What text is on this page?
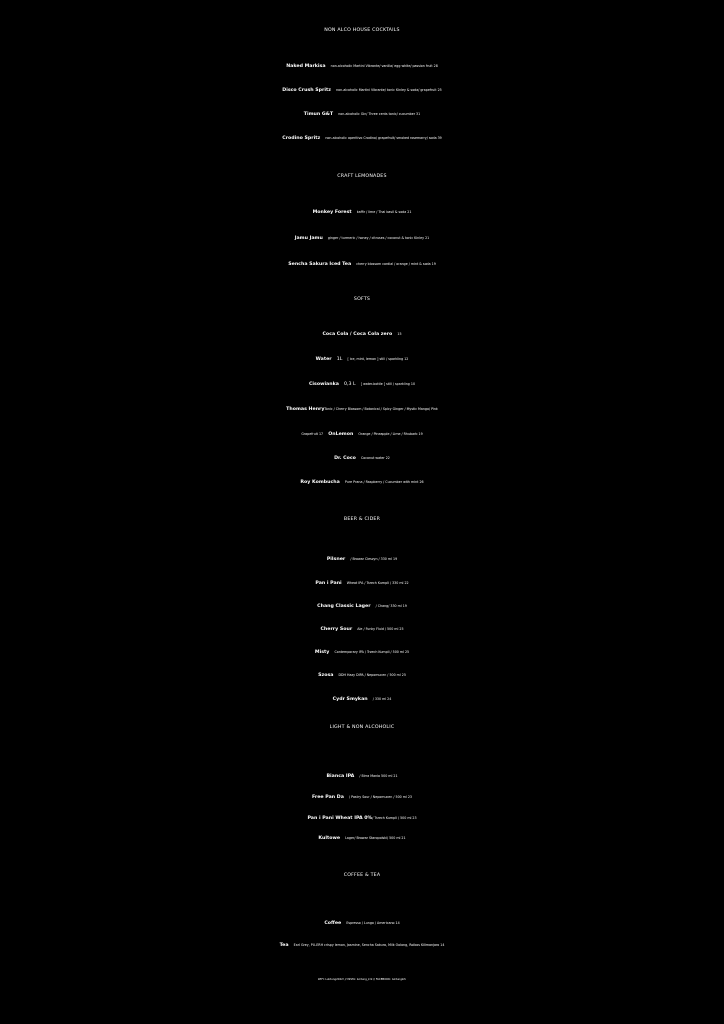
NON ALCO HOUSE COCKTAILS
Naked Markisa non-alcoholic Martini Vibrante/ vanilla/ egg white/ passion fruit 28
Disco Crush Spritz non-alcoholic Martini Vibrante/ tonic Kinley & soda/ grapefruit 25
Timun G&T non-alcoholic Gin/ Three cents tonic/ cucumber 31
Crodino Spritz non-alcoholic aperitivo Crodino/ grapefruit/ smoked rosemarry/ soda 39
CRAFT LEMONADES
Monkey Forest kaffir / lime / Thai basil & soda 21
Jamu Jamu ginger / turmeric / honey / citruses / coconut & tonic Kinley 21
Sencha Sakura Iced Tea cherry blossom cordial / orange / mint & soda 19
SOFTS
Coca Cola / Coca Cola zero 15
Water 1L [ ice, mint, lemon ] still / sparkling 12
Cisowianka 0,3 L [ water-bottle ] still / sparkling 10
Thomas HenryTonic / Cherry Blossom / Botanical / Spicy Ginger / Mystic Mango/ Pink
Grapefruit 17 OnLemon Orange / Pineapple / Lime / Rhubarb 19
Dr. Coco Coconut water 22
Roy Kombucha Pure Prana / Raspberry / Cucumber with mint 26
BEER & CIDER
Pilsner / Browar Cieszyn / 330 ml 19
Pan i Pani Wheat IPA / Trzech Kumpli / 330 ml 22
Chang Classic Lager / Chang/ 330 ml 19
Cherry Sour Ale / Funky Fluid / 500 ml 25
Misty Contemporary IPA / Trzech Kumpli / 500 ml 25
Szosa DDH Hazy DIPA / Nepomucen / 500 ml 25
Cydr Smykan / 330 ml 24
LIGHT & NON ALCOHOLIC
Bianca IPA / Birra Mania 500 ml 21
Free Pan Da / Pastry Sour / Nepomucen / 500 ml 23
Pan i Pani Wheat IPA 0%/ Trzech Kumpli / 500 ml 23
Kultowe Lager/ Browar Staropolski/ 500 ml 21
COFFEE & TEA
Coffee Espresso / Lungo / Americano 14
Tea Earl Grey, PU-ERH crispy lemon, Jasmine, Sencha Sakura, Milk Oolong, Roibos Kilimanjaro 14
WIFI: Luktung2022! // INSTA: luktung_krk // FACEBOOK: luktungkrk
